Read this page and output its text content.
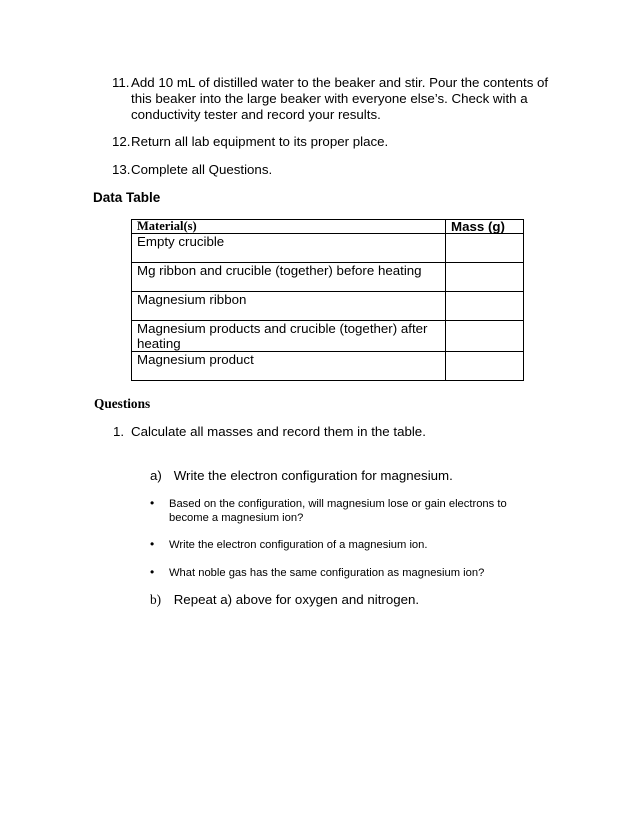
11. Add 10 mL of distilled water to the beaker and stir. Pour the contents of this beaker into the large beaker with everyone else’s. Check with a conductivity tester and record your results.
12. Return all lab equipment to its proper place.
13. Complete all Questions.
Data Table
Material(s)	Mass (g)
Empty crucible	
Mg ribbon and crucible (together) before heating	
Magnesium ribbon	
Magnesium products and crucible (together) after heating	
Magnesium product	
Questions
1. Calculate all masses and record them in the table.
a) Write the electron configuration for magnesium.
• Based on the configuration, will magnesium lose or gain electrons to become a magnesium ion?
• Write the electron configuration of a magnesium ion.
• What noble gas has the same configuration as magnesium ion?
b) Repeat a) above for oxygen and nitrogen.
